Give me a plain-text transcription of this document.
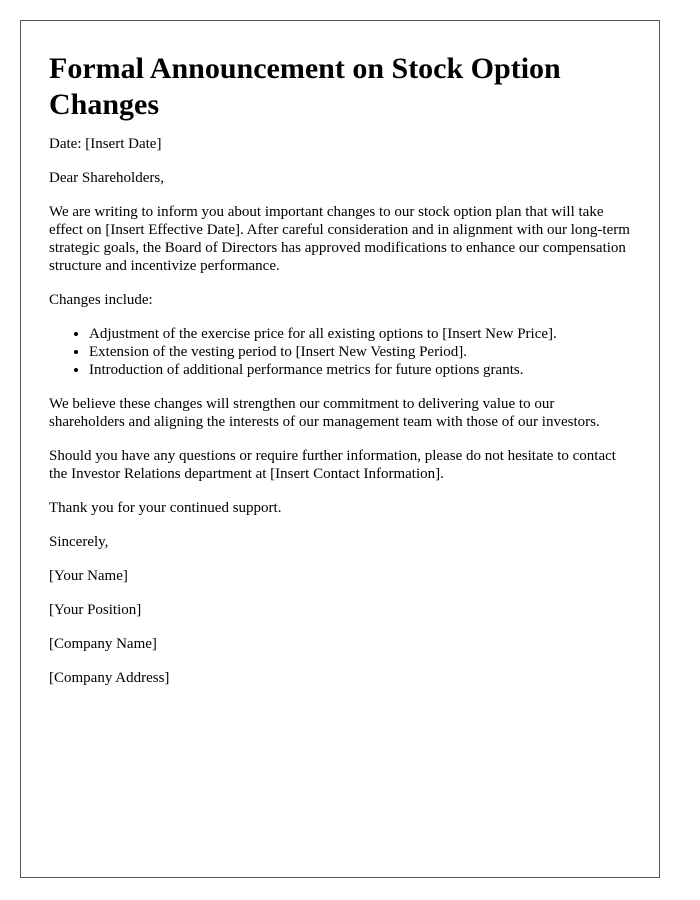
Formal Announcement on Stock Option Changes

Date: [Insert Date]

Dear Shareholders,

We are writing to inform you about important changes to our stock option plan that will take effect on [Insert Effective Date]. After careful consideration and in alignment with our long-term strategic goals, the Board of Directors has approved modifications to enhance our compensation structure and incentivize performance.

Changes include:

• Adjustment of the exercise price for all existing options to [Insert New Price].
• Extension of the vesting period to [Insert New Vesting Period].
• Introduction of additional performance metrics for future options grants.

We believe these changes will strengthen our commitment to delivering value to our shareholders and aligning the interests of our management team with those of our investors.

Should you have any questions or require further information, please do not hesitate to contact the Investor Relations department at [Insert Contact Information].

Thank you for your continued support.

Sincerely,

[Your Name]

[Your Position]

[Company Name]

[Company Address]
